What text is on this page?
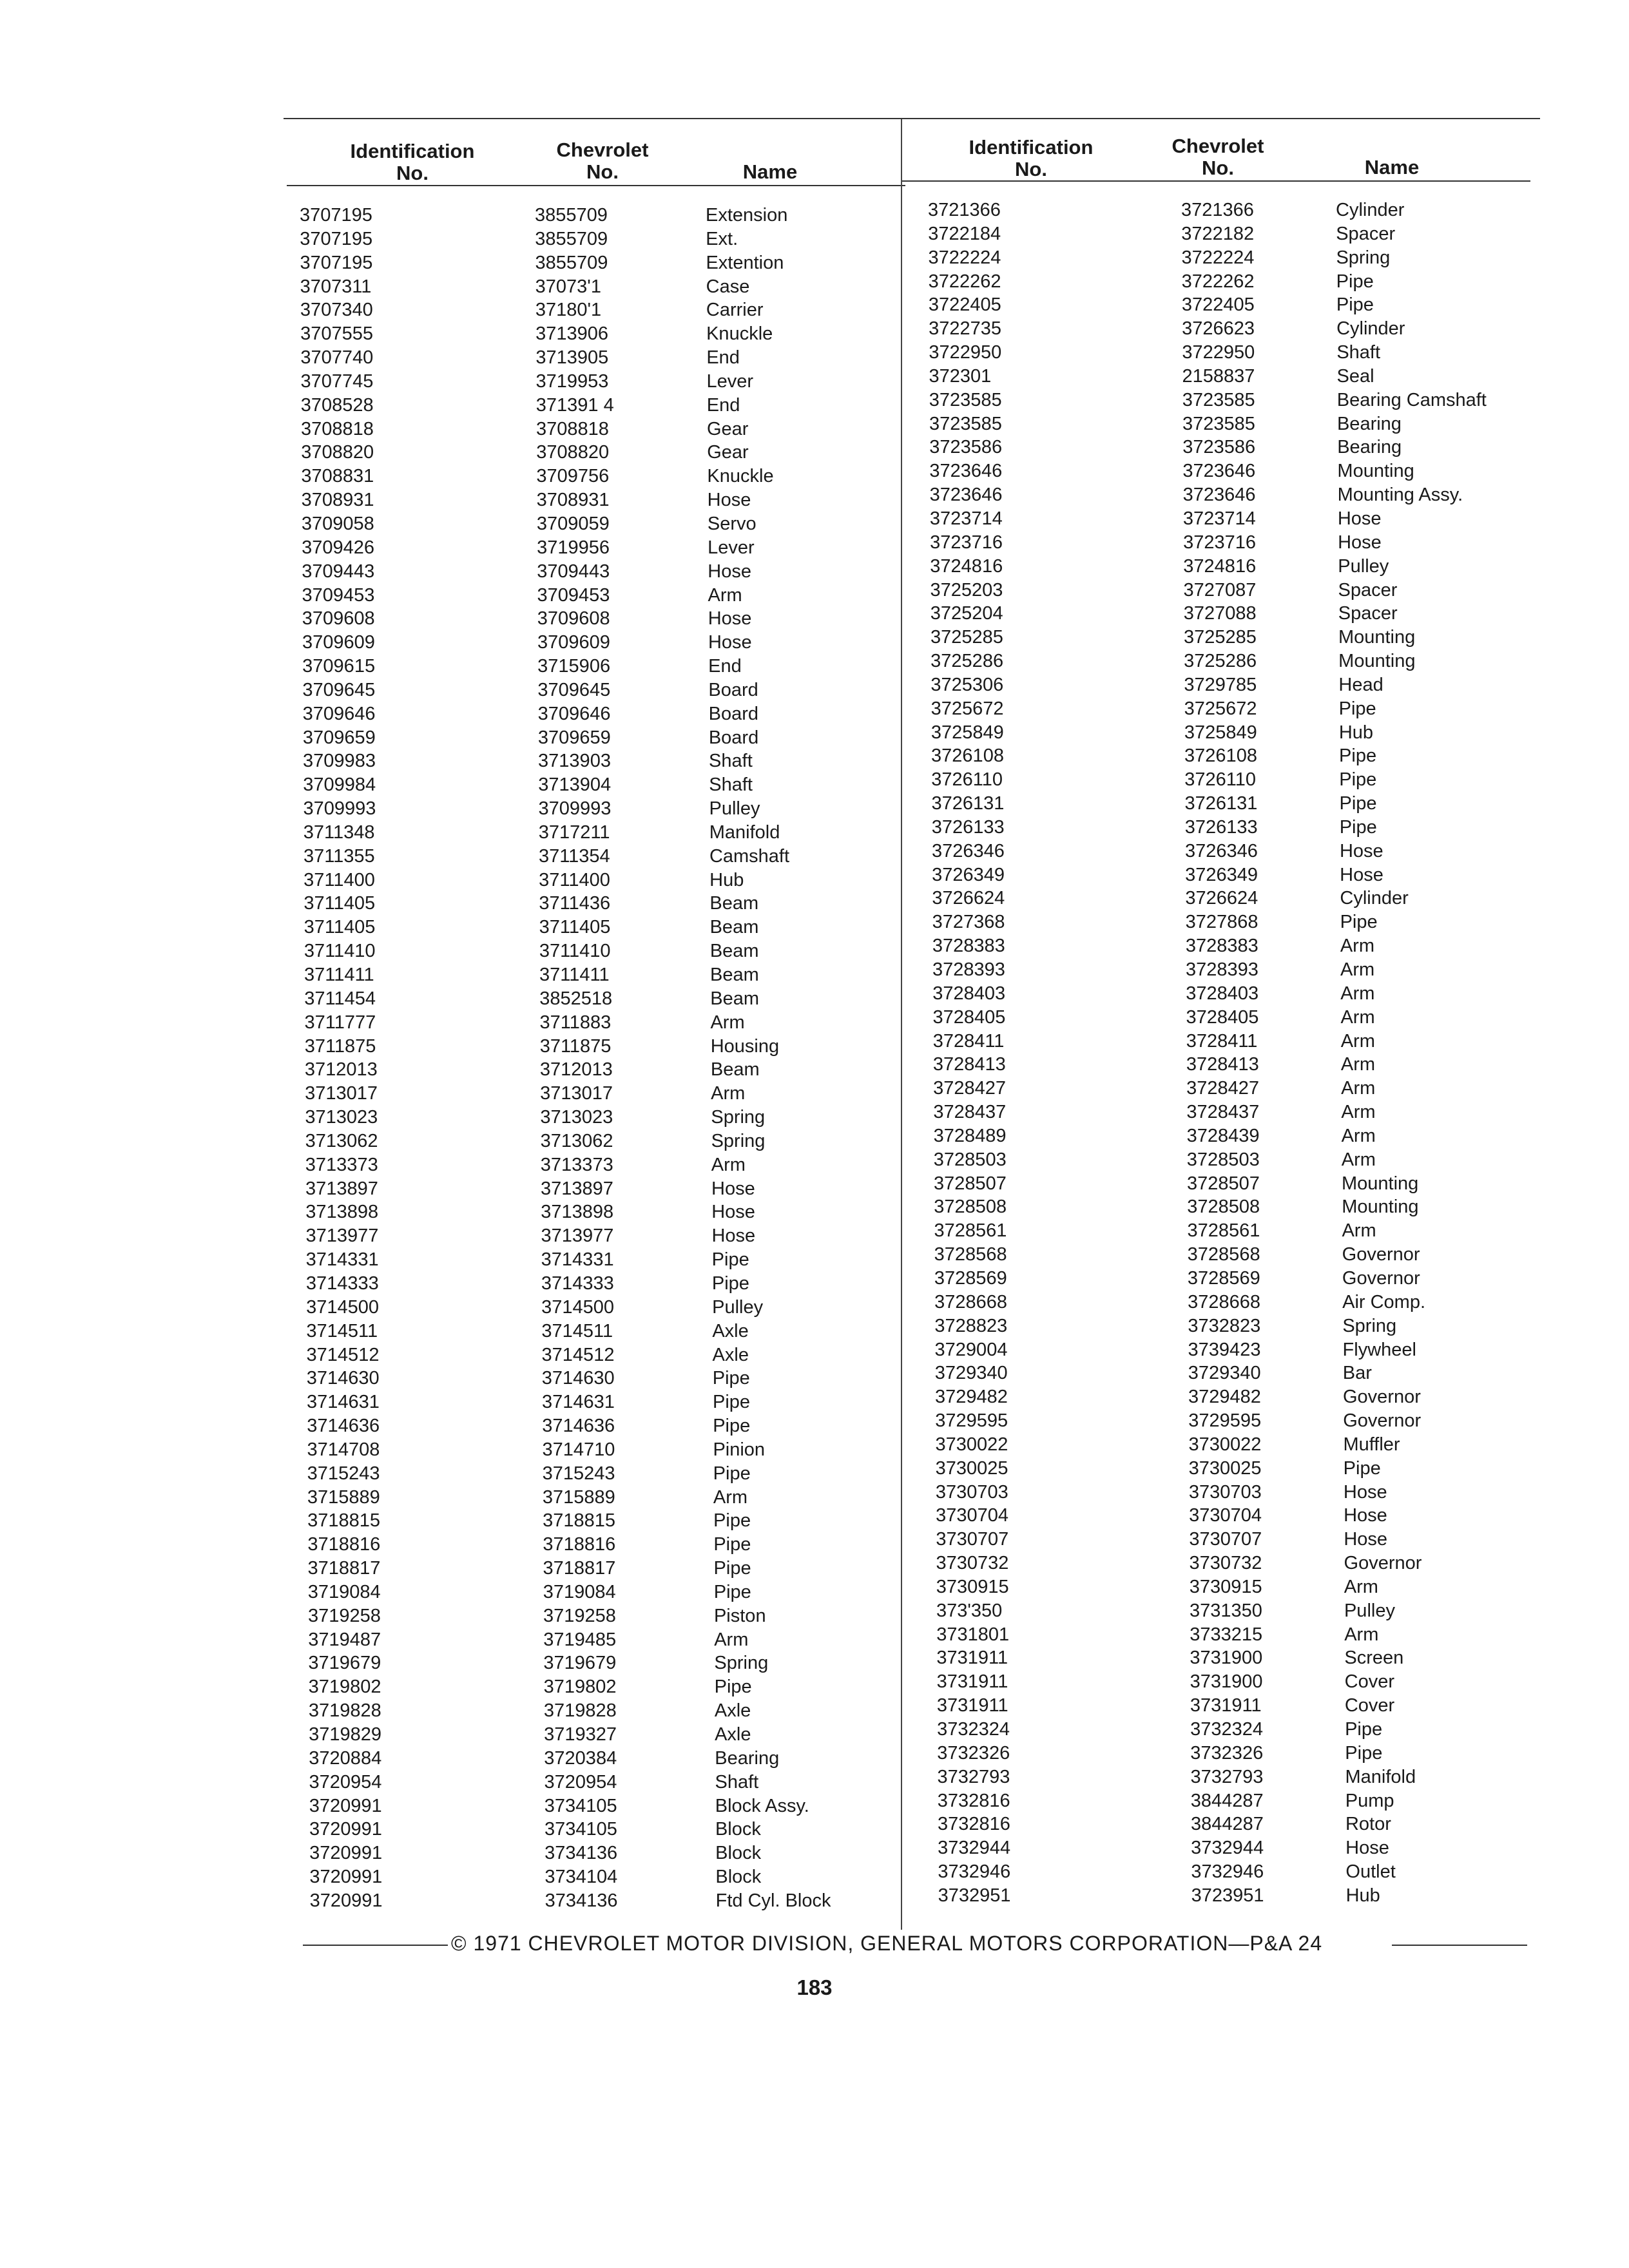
Identification
No.
Chevrolet
No.	Name
Identification
No.
Chevrolet
No.	Name
3707195	3855709	Extension
3707195	3855709	Ext.
3707195	3855709	Extention
3707311	37073'1	Case
3707340	37180'1	Carrier
3707555	3713906	Knuckle
3707740	3713905	End
3707745	3719953	Lever
3708528	371391 4	End
3708818	3708818	Gear
3708820	3708820	Gear
3708831	3709756	Knuckle
3708931	3708931	Hose
3709058	3709059	Servo
3709426	3719956	Lever
3709443	3709443	Hose
3709453	3709453	Arm
3709608	3709608	Hose
3709609	3709609	Hose
3709615	3715906	End
3709645	3709645	Board
3709646	3709646	Board
3709659	3709659	Board
3709983	3713903	Shaft
3709984	3713904	Shaft
3709993	3709993	Pulley
3711348	3717211	Manifold
3711355	3711354	Camshaft
3711400	3711400	Hub
3711405	3711436	Beam
3711405	3711405	Beam
3711410	3711410	Beam
3711411	3711411	Beam
3711454	3852518	Beam
3711777	3711883	Arm
3711875	3711875	Housing
3712013	3712013	Beam
3713017	3713017	Arm
3713023	3713023	Spring
3713062	3713062	Spring
3713373	3713373	Arm
3713897	3713897	Hose
3713898	3713898	Hose
3713977	3713977	Hose
3714331	3714331	Pipe
3714333	3714333	Pipe
3714500	3714500	Pulley
3714511	3714511	Axle
3714512	3714512	Axle
3714630	3714630	Pipe
3714631	3714631	Pipe
3714636	3714636	Pipe
3714708	3714710	Pinion
3715243	3715243	Pipe
3715889	3715889	Arm
3718815	3718815	Pipe
3718816	3718816	Pipe
3718817	3718817	Pipe
3719084	3719084	Pipe
3719258	3719258	Piston
3719487	3719485	Arm
3719679	3719679	Spring
3719802	3719802	Pipe
3719828	3719828	Axle
3719829	3719327	Axle
3720884	3720384	Bearing
3720954	3720954	Shaft
3720991	3734105	Block Assy.
3720991	3734105	Block
3720991	3734136	Block
3720991	3734104	Block
3720991	3734136	Ftd Cyl. Block
3721366	3721366	Cylinder
3722184	3722182	Spacer
3722224	3722224	Spring
3722262	3722262	Pipe
3722405	3722405	Pipe
3722735	3726623	Cylinder
3722950	3722950	Shaft
372301	2158837	Seal
3723585	3723585	Bearing Camshaft
3723585	3723585	Bearing
3723586	3723586	Bearing
3723646	3723646	Mounting
3723646	3723646	Mounting Assy.
3723714	3723714	Hose
3723716	3723716	Hose
3724816	3724816	Pulley
3725203	3727087	Spacer
3725204	3727088	Spacer
3725285	3725285	Mounting
3725286	3725286	Mounting
3725306	3729785	Head
3725672	3725672	Pipe
3725849	3725849	Hub
3726108	3726108	Pipe
3726110	3726110	Pipe
3726131	3726131	Pipe
3726133	3726133	Pipe
3726346	3726346	Hose
3726349	3726349	Hose
3726624	3726624	Cylinder
3727368	3727868	Pipe
3728383	3728383	Arm
3728393	3728393	Arm
3728403	3728403	Arm
3728405	3728405	Arm
3728411	3728411	Arm
3728413	3728413	Arm
3728427	3728427	Arm
3728437	3728437	Arm
3728489	3728439	Arm
3728503	3728503	Arm
3728507	3728507	Mounting
3728508	3728508	Mounting
3728561	3728561	Arm
3728568	3728568	Governor
3728569	3728569	Governor
3728668	3728668	Air Comp.
3728823	3732823	Spring
3729004	3739423	Flywheel
3729340	3729340	Bar
3729482	3729482	Governor
3729595	3729595	Governor
3730022	3730022	Muffler
3730025	3730025	Pipe
3730703	3730703	Hose
3730704	3730704	Hose
3730707	3730707	Hose
3730732	3730732	Governor
3730915	3730915	Arm
373'350	3731350	Pulley
3731801	3733215	Arm
3731911	3731900	Screen
3731911	3731900	Cover
3731911	3731911	Cover
3732324	3732324	Pipe
3732326	3732326	Pipe
3732793	3732793	Manifold
3732816	3844287	Pump
3732816	3844287	Rotor
3732944	3732944	Hose
3732946	3732946	Outlet
3732951	3723951	Hub
© 1971 CHEVROLET MOTOR DIVISION, GENERAL MOTORS CORPORATION—P&A 24
183
